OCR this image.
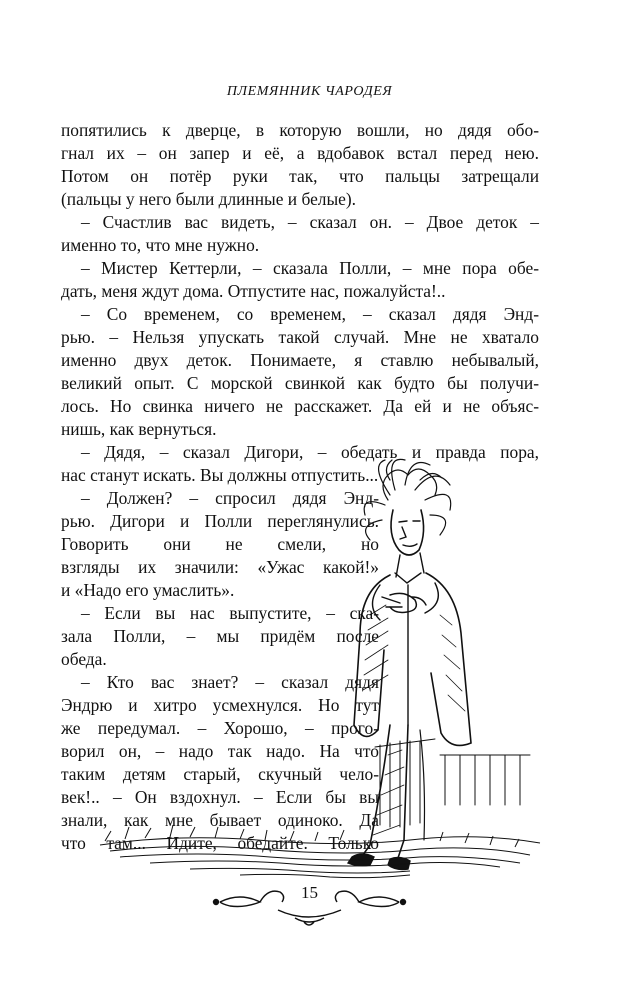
ПЛЕМЯННИК ЧАРОДЕЯ
попятились к дверце, в которую вошли, но дядя обо-
гнал их – он запер и её, а вдобавок встал перед нею.
Потом он потёр руки так, что пальцы затрещали
(пальцы у него были длинные и белые).
– Счастлив вас видеть, – сказал он. – Двое деток –
именно то, что мне нужно.
– Мистер Кеттерли, – сказала Полли, – мне пора обе-
дать, меня ждут дома. Отпустите нас, пожалуйста!..
– Со временем, со временем, – сказал дядя Энд-
рью. – Нельзя упускать такой случай. Мне не хватало
именно двух деток. Понимаете, я ставлю небывалый,
великий опыт. С морской свинкой как будто бы получи-
лось. Но свинка ничего не расскажет. Да ей и не объяс-
нишь, как вернуться.
– Дядя, – сказал Дигори, – обедать и правда пора,
нас станут искать. Вы должны отпустить...
– Должен? – спросил дядя Энд-
рью. Дигори и Полли переглянулись.
Говорить они не смели, но
взгляды их значили: «Ужас какой!»
и «Надо его умаслить».
– Если вы нас выпустите, – ска-
зала Полли, – мы придём после
обеда.
– Кто вас знает? – сказал дядя
Эндрю и хитро усмехнулся. Но тут
же передумал. – Хорошо, – прого-
ворил он, – надо так надо. На что
таким детям старый, скучный чело-
век!.. – Он вздохнул. – Если бы вы
знали, как мне бывает одиноко. Да
что там... Идите, обедайте. Только
15
